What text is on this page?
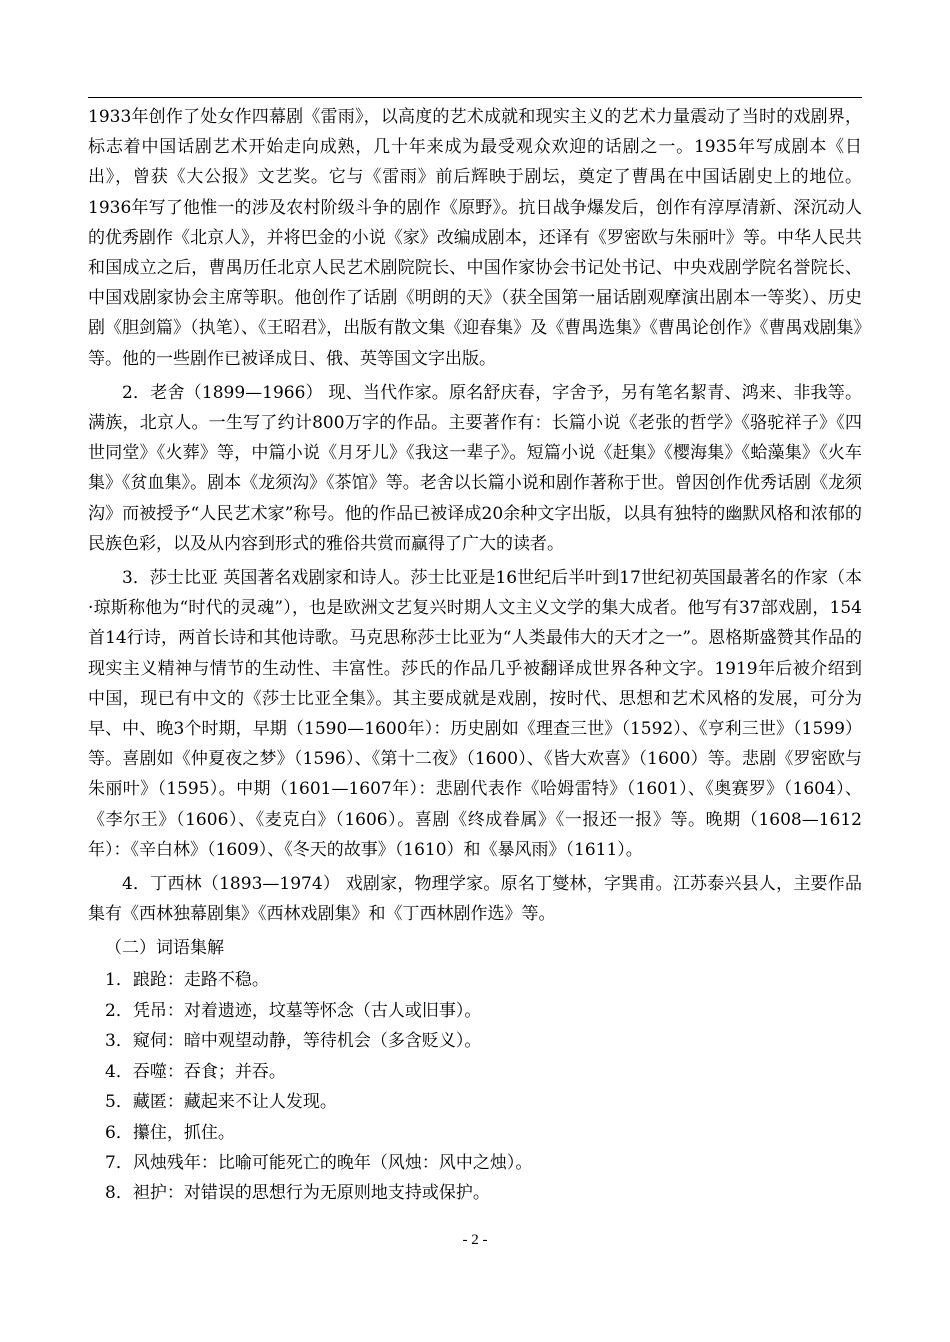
1933年创作了处女作四幕剧《雷雨》，以高度的艺术成就和现实主义的艺术力量震动了当时的戏剧界，标志着中国话剧艺术开始走向成熟，几十年来成为最受观众欢迎的话剧之一。1935年写成剧本《日出》，曾获《大公报》文艺奖。它与《雷雨》前后辉映于剧坛，奠定了曹禺在中国话剧史上的地位。1936年写了他惟一的涉及农村阶级斗争的剧作《原野》。抗日战争爆发后，创作有淳厚清新、深沉动人的优秀剧作《北京人》，并将巴金的小说《家》改编成剧本，还译有《罗密欧与朱丽叶》等。中华人民共和国成立之后，曹禺历任北京人民艺术剧院院长、中国作家协会书记处书记、中央戏剧学院名誉院长、中国戏剧家协会主席等职。他创作了话剧《明朗的天》（获全国第一届话剧观摩演出剧本一等奖）、历史剧《胆剑篇》（执笔）、《王昭君》，出版有散文集《迎春集》及《曹禺选集》《曹禺论创作》《曹禺戏剧集》等。他的一些剧作已被译成日、俄、英等国文字出版。

2．老舍（1899—1966） 现、当代作家。原名舒庆春，字舍予，另有笔名絜青、鸿来、非我等。满族，北京人。一生写了约计800万字的作品。主要著作有：长篇小说《老张的哲学》《骆驼祥子》《四世同堂》《火葬》等，中篇小说《月牙儿》《我这一辈子》。短篇小说《赶集》《樱海集》《蛤藻集》《火车集》《贫血集》。剧本《龙须沟》《茶馆》等。老舍以长篇小说和剧作著称于世。曾因创作优秀话剧《龙须沟》而被授予“人民艺术家”称号。他的作品已被译成20余种文字出版，以具有独特的幽默风格和浓郁的民族色彩，以及从内容到形式的雅俗共赏而赢得了广大的读者。

3．莎士比亚 英国著名戏剧家和诗人。莎士比亚是16世纪后半叶到17世纪初英国最著名的作家（本·琼斯称他为“时代的灵魂”），也是欧洲文艺复兴时期人文主义文学的集大成者。他写有37部戏剧，154首14行诗，两首长诗和其他诗歌。马克思称莎士比亚为“人类最伟大的天才之一”。恩格斯盛赞其作品的现实主义精神与情节的生动性、丰富性。莎氏的作品几乎被翻译成世界各种文字。1919年后被介绍到中国，现已有中文的《莎士比亚全集》。其主要成就是戏剧，按时代、思想和艺术风格的发展，可分为早、中、晚3个时期，早期（1590—1600年）：历史剧如《理查三世》（1592）、《亨利三世》（1599）等。喜剧如《仲夏夜之梦》（1596）、《第十二夜》（1600）、《皆大欢喜》（1600）等。悲剧《罗密欧与朱丽叶》（1595）。中期（1601—1607年）：悲剧代表作《哈姆雷特》（1601）、《奥赛罗》（1604）、《李尔王》（1606）、《麦克白》（1606）。喜剧《终成眷属》《一报还一报》等。晚期（1608—1612年）：《辛白林》（1609）、《冬天的故事》（1610）和《暴风雨》（1611）。

4．丁西林（1893—1974） 戏剧家，物理学家。原名丁燮林，字巽甫。江苏泰兴县人，主要作品集有《西林独幕剧集》《西林戏剧集》和《丁西林剧作选》等。

（二）词语集解

1．踉跄：走路不稳。
2．凭吊：对着遗迹，坟墓等怀念（古人或旧事）。
3．窥伺：暗中观望动静，等待机会（多含贬义）。
4．吞噬：吞食；并吞。
5．藏匿：藏起来不让人发现。
6．攥住，抓住。
7．风烛残年：比喻可能死亡的晚年（风烛：风中之烛）。
8．袒护：对错误的思想行为无原则地支持或保护。
- 2 -
